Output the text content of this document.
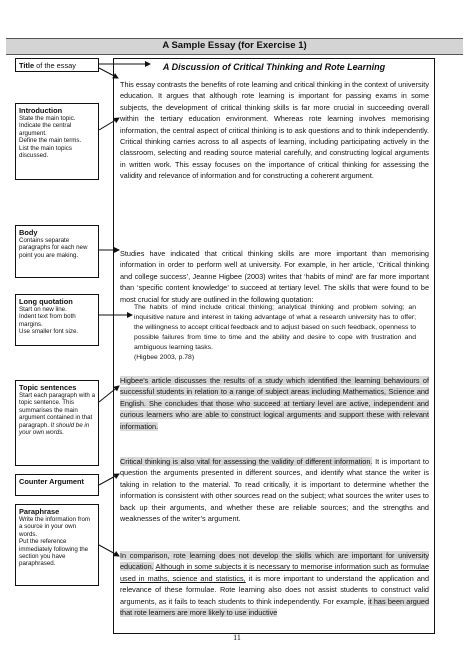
A Sample Essay (for Exercise 1)
A Discussion of Critical Thinking and Rote Learning

This essay contrasts the benefits of rote learning and critical thinking in the context of university education. It argues that although rote learning is important for passing exams in some subjects, the development of critical thinking skills is far more crucial in succeeding overall within the tertiary education environment. Whereas rote learning involves memorising information, the central aspect of critical thinking is to ask questions and to think independently. Critical thinking carries across to all aspects of learning, including participating actively in the classroom, selecting and reading source material carefully, and constructing logical arguments in written work. This essay focuses on the importance of critical thinking for assessing the validity and relevance of information and for constructing a coherent argument.

Studies have indicated that critical thinking skills are more important than memorising information in order to perform well at university. For example, in her article, ‘Critical thinking and college success’, Jeanne Higbee (2003) writes that ‘habits of mind’ are far more important than ‘specific content knowledge’ to succeed at tertiary level. The skills that were found to be most crucial for study are outlined in the following quotation:

The habits of mind include critical thinking; analytical thinking and problem solving; an inquisitive nature and interest in taking advantage of what a research university has to offer; the willingness to accept critical feedback and to adjust based on such feedback, openness to possible failures from time to time and the ability and desire to cope with frustration and ambiguous learning tasks.
(Higbee 2003, p.78)

Higbee’s article discusses the results of a study which identified the learning behaviours of successful students in relation to a range of subject areas including Mathematics, Science and English. She concludes that those who succeed at tertiary level are active, independent and curious learners who are able to construct logical arguments and support these with relevant information.

Critical thinking is also vital for assessing the validity of different information. It is important to question the arguments presented in different sources, and identify what stance the writer is taking in relation to the material. To read critically, it is important to determine whether the information is consistent with other sources read on the subject; what sources the writer uses to back up their arguments, and whether these are reliable sources; and the strengths and weaknesses of the writer’s argument.

In comparison, rote learning does not develop the skills which are important for university education. Although in some subjects it is necessary to memorise information such as formulae used in maths, science and statistics, it is more important to understand the application and relevance of these formulae. Rote learning also does not assist students to construct valid arguments, as it fails to teach students to think independently. For example, it has been argued that rote learners are more likely to use inductive

Title of the essay
Introduction
State the main topic.
Indicate the central argument.
Define the main terms.
List the main topics discussed.
Body
Contains separate paragraphs for each new point you are making.
Long quotation
Start on new line.
Indent text from both margins.
Use smaller font size.
Topic sentences
Start each paragraph with a topic sentence. This summarises the main argument contained in that paragraph. It should be in your own words.
Counter Argument
Paraphrase
Write the information from a source in your own words.
Put the reference immediately following the section you have paraphrased.
11
